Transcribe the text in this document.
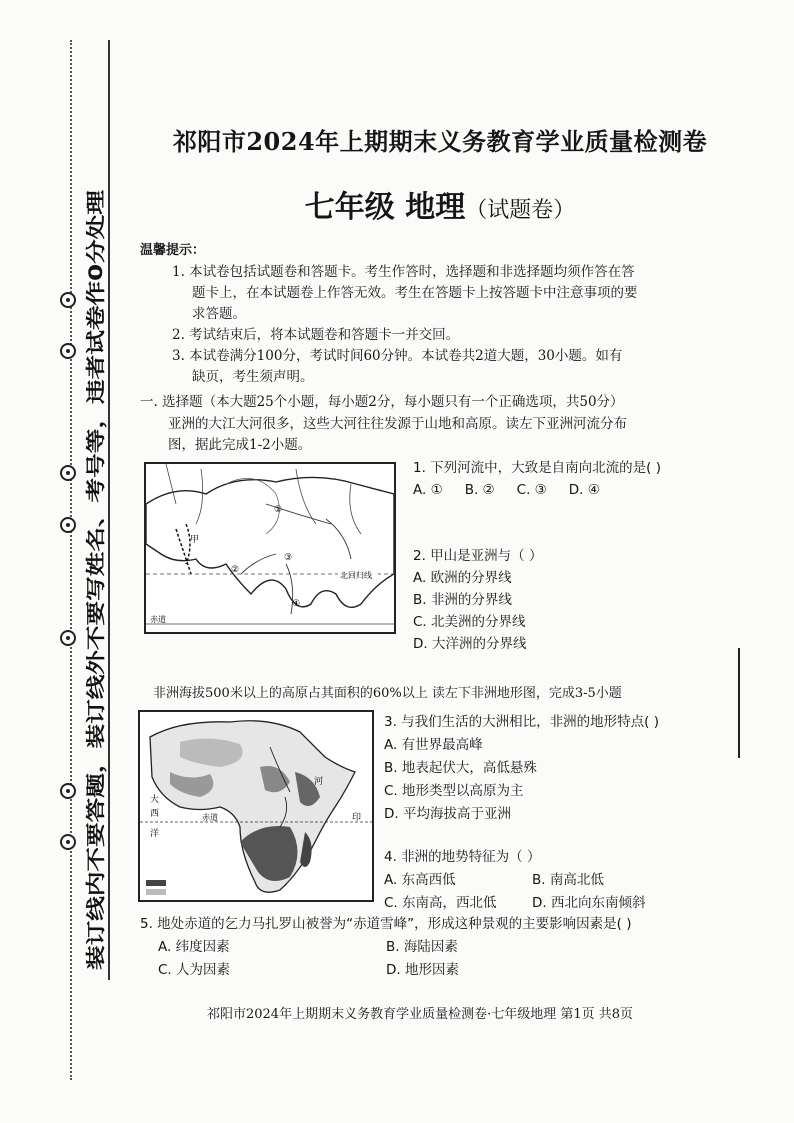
装订线内不要答题，装订线外不要写姓名、考号等，违者试卷作0分处理
祁阳市2024年上期期末义务教育学业质量检测卷
七年级 地理（试题卷）
温馨提示：
1. 本试卷包括试题卷和答题卡。考生作答时，选择题和非选择题均须作答在答
题卡上，在本试题卷上作答无效。考生在答题卡上按答题卡中注意事项的要
求答题。
2. 考试结束后，将本试题卷和答题卡一并交回。
3. 本试卷满分100分，考试时间60分钟。本试卷共2道大题，30小题。如有
缺页，考生须声明。
一. 选择题（本大题25个小题，每小题2分，每小题只有一个正确选项，共50分）
亚洲的大江大河很多，这些大河往往发源于山地和高原。读左下亚洲河流分布
图，据此完成1-2小题。
北回归线
赤道
①
②
③
④
甲
1. 下列河流中，大致是自南向北流的是( )
A. ① B. ② C. ③ D. ④
2. 甲山是亚洲与（ ）
A. 欧洲的分界线
B. 非洲的分界线
C. 北美洲的分界线
D. 大洋洲的分界线
非洲海拔500米以上的高原占其面积的60%以上 读左下非洲地形图，完成3-5小题
大
西
洋
赤道
河
印
3. 与我们生活的大洲相比，非洲的地形特点( )
A. 有世界最高峰
B. 地表起伏大，高低悬殊
C. 地形类型以高原为主
D. 平均海拔高于亚洲
4. 非洲的地势特征为（ ）
A. 东高西低	B. 南高北低
C. 东南高，西北低	D. 西北向东南倾斜
5. 地处赤道的乞力马扎罗山被誉为“赤道雪峰”，形成这种景观的主要影响因素是( )
A. 纬度因素	B. 海陆因素
C. 人为因素	D. 地形因素
祁阳市2024年上期期末义务教育学业质量检测卷·七年级地理 第1页 共8页
